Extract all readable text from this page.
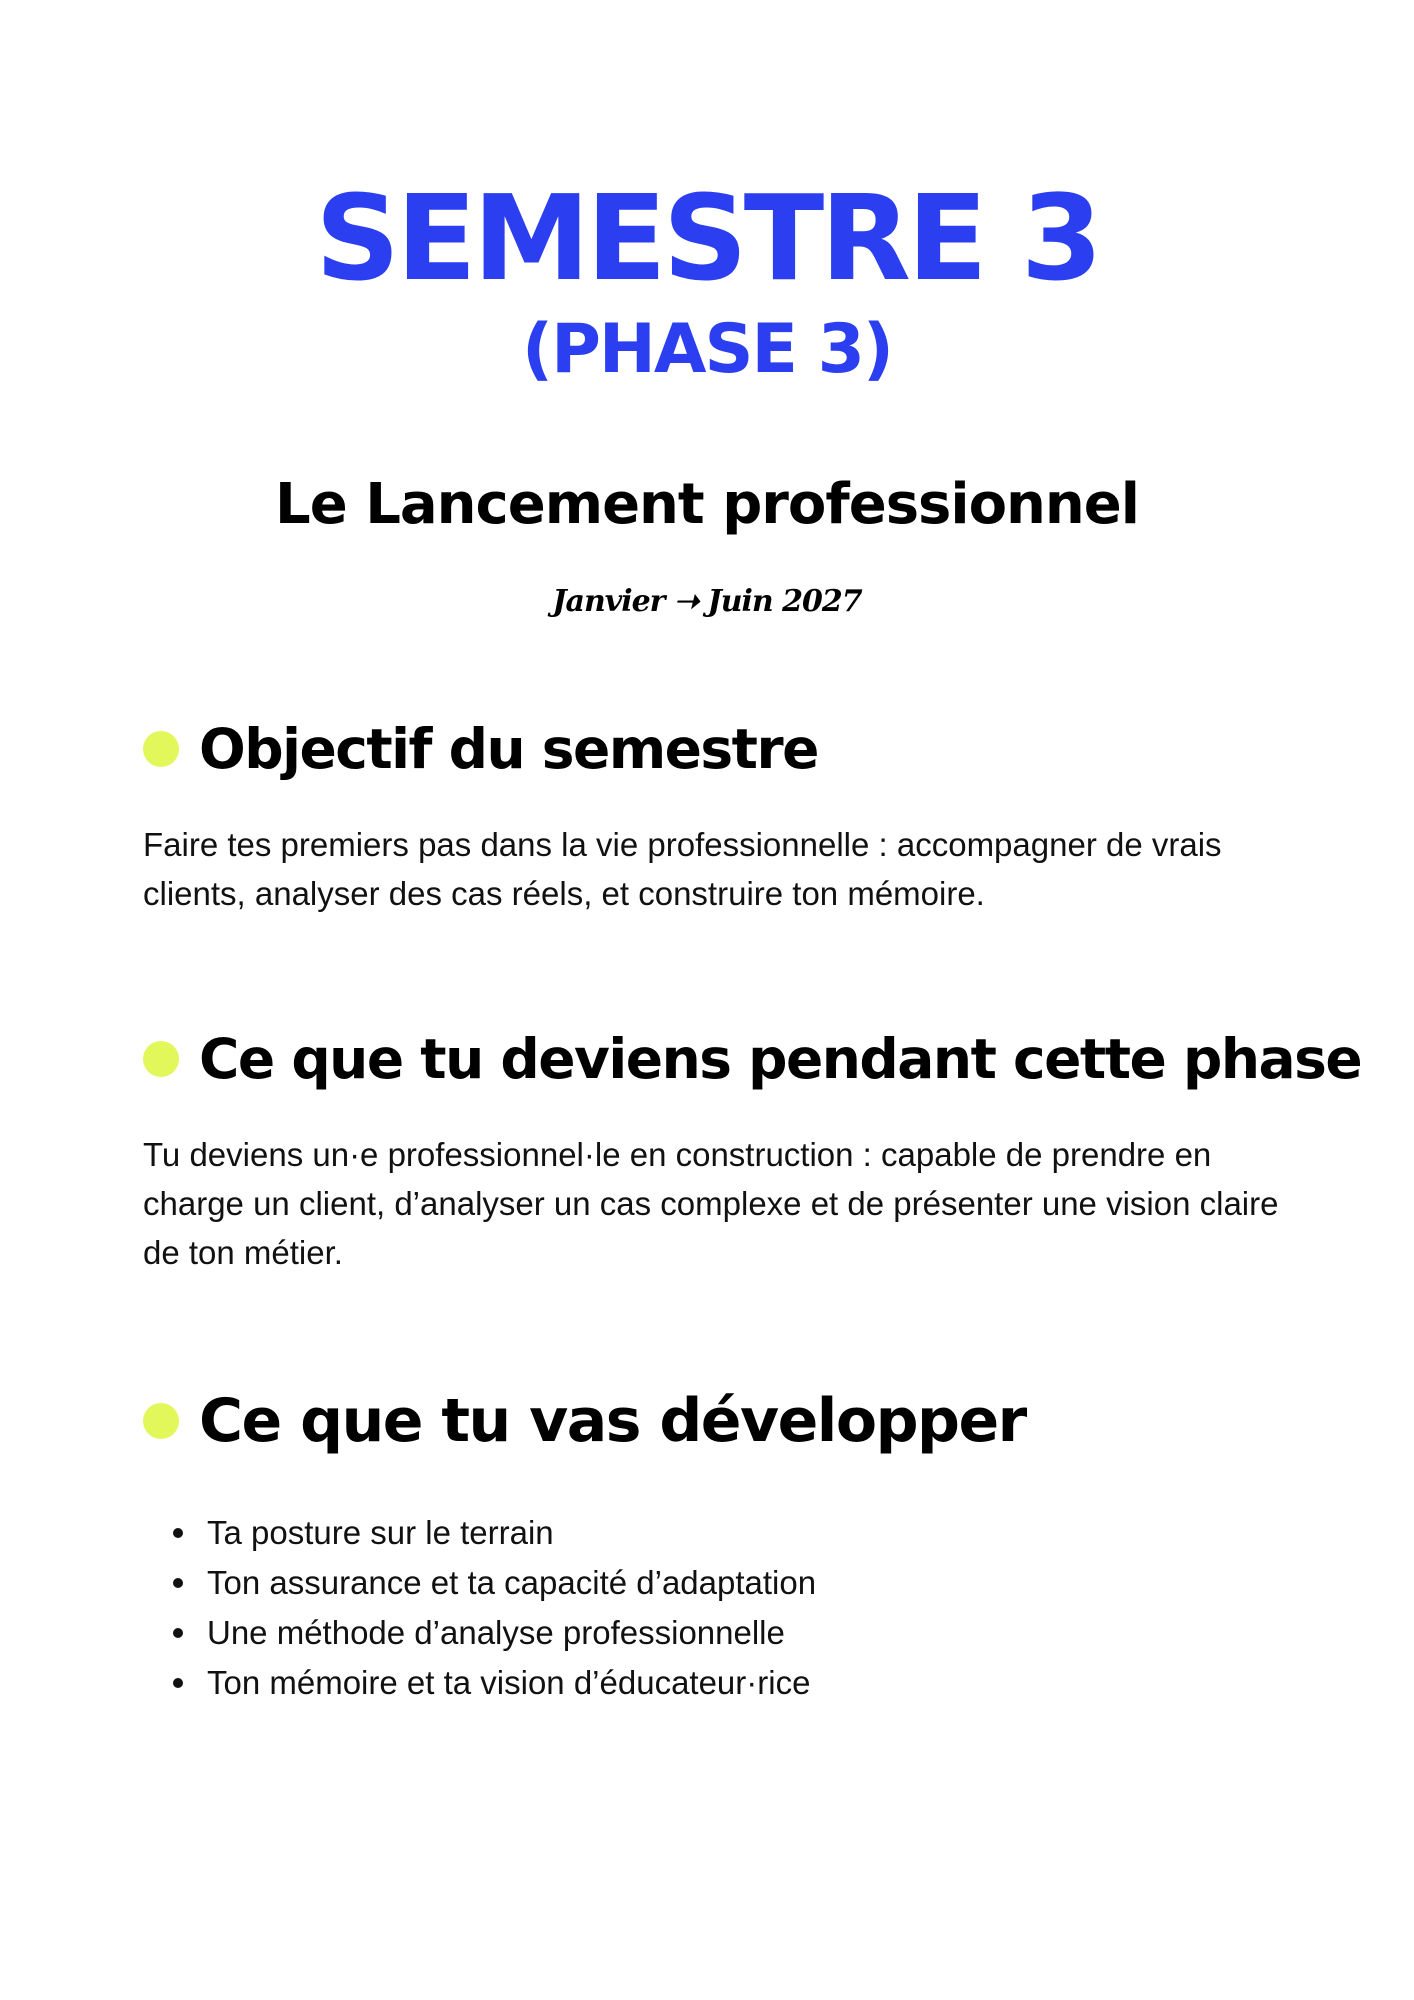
SEMESTRE 3
(PHASE 3)
Le Lancement professionnel
Janvier ➝ Juin 2027
Objectif du semestre

Faire tes premiers pas dans la vie professionnelle : accompagner de vrais clients, analyser des cas réels, et construire ton mémoire.

Ce que tu deviens pendant cette phase

Tu deviens un·e professionnel·le en construction : capable de prendre en charge un client, d’analyser un cas complexe et de présenter une vision claire de ton métier.

Ce que tu vas développer
Ta posture sur le terrain
Ton assurance et ta capacité d’adaptation
Une méthode d’analyse professionnelle
Ton mémoire et ta vision d’éducateur·rice
